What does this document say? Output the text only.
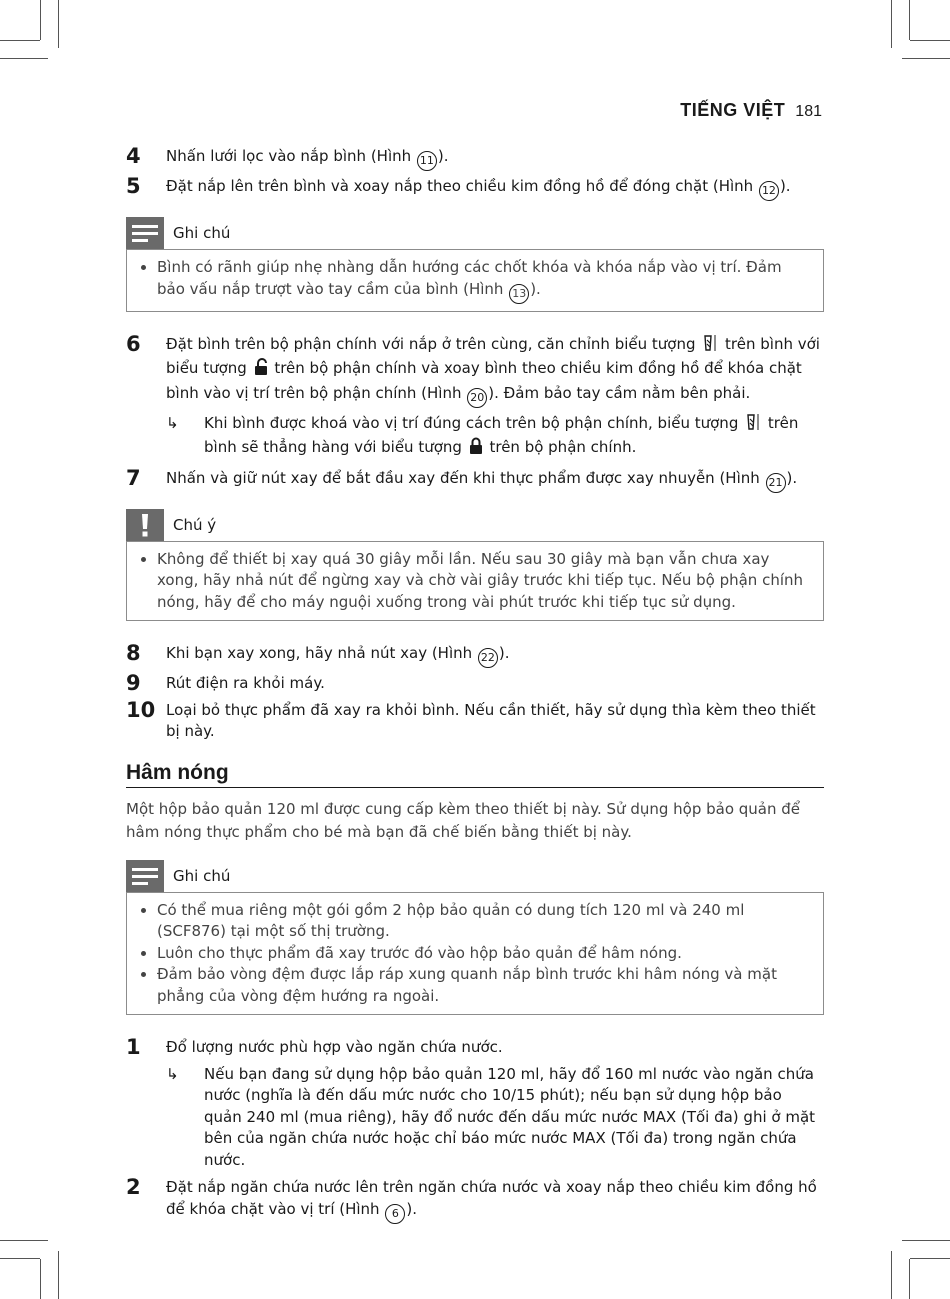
TIẾNG VIỆT 181
4 Nhấn lưới lọc vào nắp bình (Hình 11 ).
5 Đặt nắp lên trên bình và xoay nắp theo chiều kim đồng hồ để đóng chặt (Hình 12 ).
Ghi chú
• Bình có rãnh giúp nhẹ nhàng dẫn hướng các chốt khóa và khóa nắp vào vị trí. Đảm bảo vấu nắp trượt vào tay cầm của bình (Hình 13 ).
6 Đặt bình trên bộ phận chính với nắp ở trên cùng, căn chỉnh biểu tượng  trên bình với biểu tượng  trên bộ phận chính và xoay bình theo chiều kim đồng hồ để khóa chặt bình vào vị trí trên bộ phận chính (Hình 20 ). Đảm bảo tay cầm nằm bên phải.
↳ Khi bình được khoá vào vị trí đúng cách trên bộ phận chính, biểu tượng  trên bình sẽ thẳng hàng với biểu tượng  trên bộ phận chính.
7 Nhấn và giữ nút xay để bắt đầu xay đến khi thực phẩm được xay nhuyễn (Hình 21 ).
Chú ý
• Không để thiết bị xay quá 30 giây mỗi lần. Nếu sau 30 giây mà bạn vẫn chưa xay xong, hãy nhả nút để ngừng xay và chờ vài giây trước khi tiếp tục. Nếu bộ phận chính nóng, hãy để cho máy nguội xuống trong vài phút trước khi tiếp tục sử dụng.
8 Khi bạn xay xong, hãy nhả nút xay (Hình 22 ).
9 Rút điện ra khỏi máy.
10 Loại bỏ thực phẩm đã xay ra khỏi bình. Nếu cần thiết, hãy sử dụng thìa kèm theo thiết bị này.
Hâm nóng
Một hộp bảo quản 120 ml được cung cấp kèm theo thiết bị này. Sử dụng hộp bảo quản để hâm nóng thực phẩm cho bé mà bạn đã chế biến bằng thiết bị này.
Ghi chú
• Có thể mua riêng một gói gồm 2 hộp bảo quản có dung tích 120 ml và 240 ml (SCF876) tại một số thị trường.
• Luôn cho thực phẩm đã xay trước đó vào hộp bảo quản để hâm nóng.
• Đảm bảo vòng đệm được lắp ráp xung quanh nắp bình trước khi hâm nóng và mặt phẳng của vòng đệm hướng ra ngoài.
1 Đổ lượng nước phù hợp vào ngăn chứa nước.
↳ Nếu bạn đang sử dụng hộp bảo quản 120 ml, hãy đổ 160 ml nước vào ngăn chứa nước (nghĩa là đến dấu mức nước cho 10/15 phút); nếu bạn sử dụng hộp bảo quản 240 ml (mua riêng), hãy đổ nước đến dấu mức nước MAX (Tối đa) ghi ở mặt bên của ngăn chứa nước hoặc chỉ báo mức nước MAX (Tối đa) trong ngăn chứa nước.
2 Đặt nắp ngăn chứa nước lên trên ngăn chứa nước và xoay nắp theo chiều kim đồng hồ để khóa chặt vào vị trí (Hình 6 ).
